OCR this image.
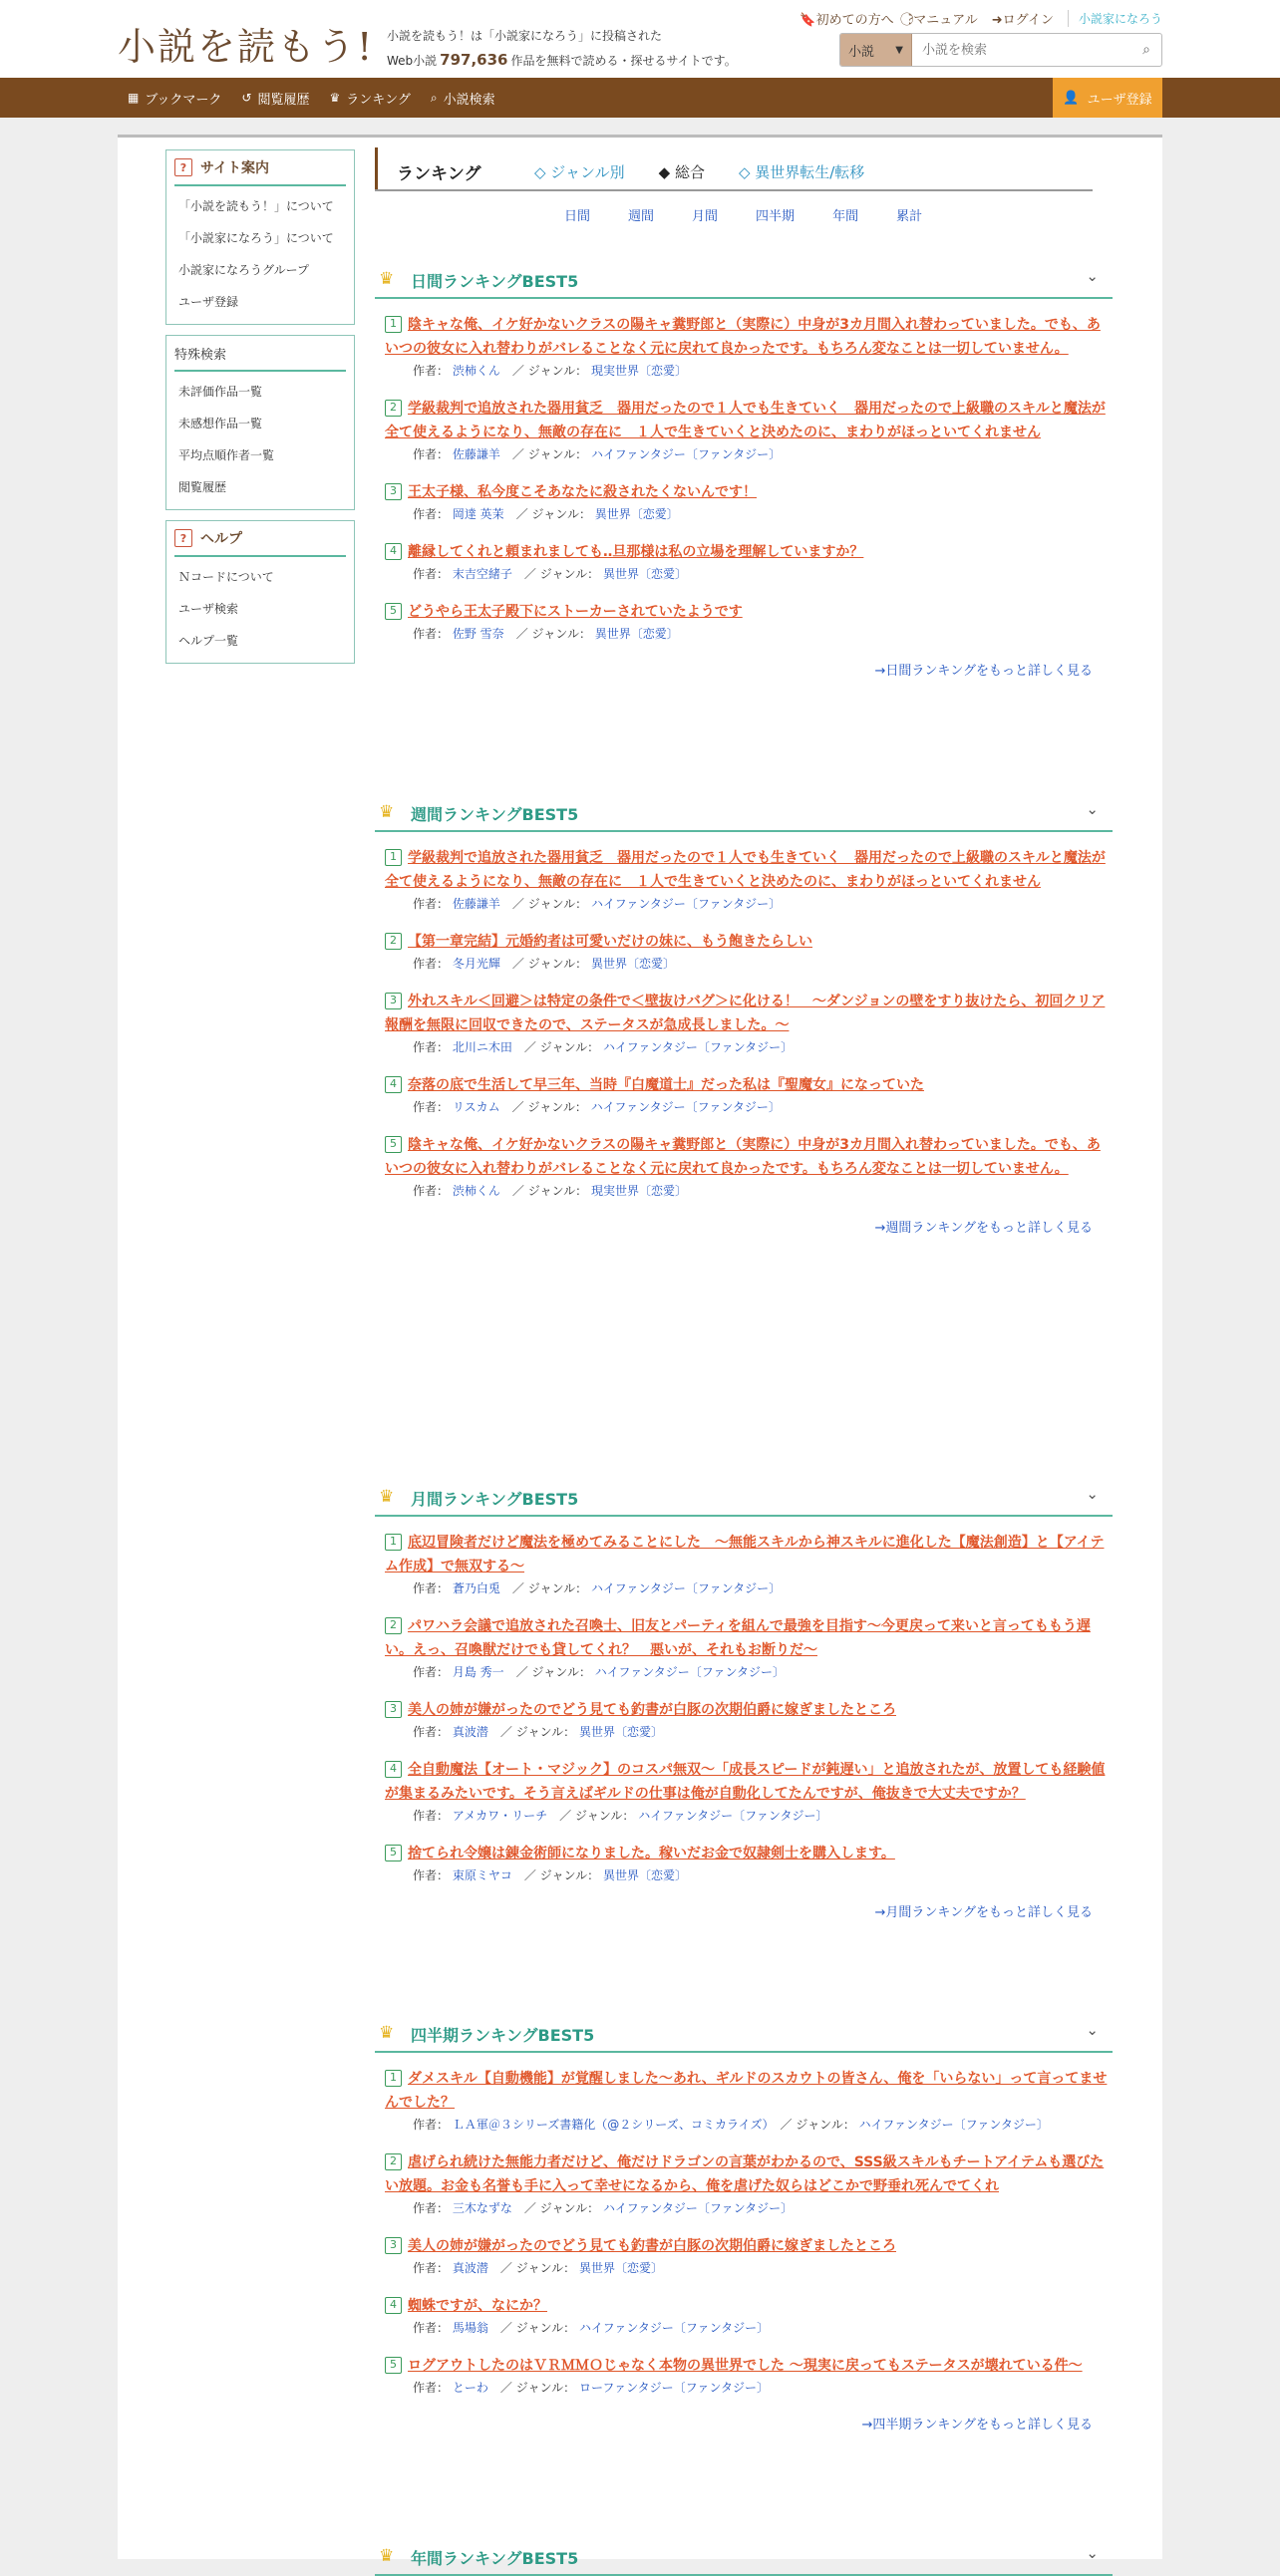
小説を読もう! 小説を読もう！は「小説家になろう」に投稿された
Web小説 797,636 作品を無料で読める・探せるサイトです。
🔖初めての方へ ?⃝マニュアル ➜ログイン	小説家になろう
小説 ▼
小説を検索	⌕
▦ ブックマーク ↺ 閲覧履歴 ♛ ランキング ⌕ 小説検索	👤 ユーザ登録
? サイト案内
「小説を読もう！」について
「小説家になろう」について
小説家になろうグループ
ユーザ登録
特殊検索
未評価作品一覧
未感想作品一覧
平均点順作者一覧
閲覧履歴
? ヘルプ
Ｎコードについて
ユーザ検索
ヘルプ一覧
ランキング	◇ ジャンル別 ◆ 総合 ◇ 異世界転生/転移
日間	週間	月間	四半期	年間	累計
♛ 日間ランキングBEST5	⌄
1 陰キャな俺、イケ好かないクラスの陽キャ糞野郎と（実際に）中身が3カ月間入れ替わっていました。でも、あいつの彼女に入れ替わりがバレることなく元に戻れて良かったです。もちろん変なことは一切していません。
作者： 渋柿くん　 ／ ジャンル： 現実世界〔恋愛〕
2 学級裁判で追放された器用貧乏　器用だったので１人でも生きていく　器用だったので上級職のスキルと魔法が全て使えるようになり、無敵の存在に　１人で生きていくと決めたのに、まわりがほっといてくれません
作者： 佐藤謙羊　 ／ ジャンル： ハイファンタジー〔ファンタジー〕
3 王太子様、私今度こそあなたに殺されたくないんです！
作者： 岡達 英茉　 ／ ジャンル： 異世界〔恋愛〕
4 離縁してくれと頼まれましても‥旦那様は私の立場を理解していますか？
作者： 末吉空緒子　 ／ ジャンル： 異世界〔恋愛〕
5 どうやら王太子殿下にストーカーされていたようです
作者： 佐野 雪奈　 ／ ジャンル： 異世界〔恋愛〕
→日間ランキングをもっと詳しく見る
♛ 週間ランキングBEST5	⌄
1 学級裁判で追放された器用貧乏　器用だったので１人でも生きていく　器用だったので上級職のスキルと魔法が全て使えるようになり、無敵の存在に　１人で生きていくと決めたのに、まわりがほっといてくれません
作者： 佐藤謙羊　 ／ ジャンル： ハイファンタジー〔ファンタジー〕
2 【第一章完結】元婚約者は可愛いだけの妹に、もう飽きたらしい
作者： 冬月光輝　 ／ ジャンル： 異世界〔恋愛〕
3 外れスキル＜回避＞は特定の条件で＜壁抜けバグ＞に化ける！　～ダンジョンの壁をすり抜けたら、初回クリア報酬を無限に回収できたので、ステータスが急成長しました。～
作者： 北川ニ木田　 ／ ジャンル： ハイファンタジー〔ファンタジー〕
4 奈落の底で生活して早三年、当時『白魔道士』だった私は『聖魔女』になっていた
作者： リスカム　 ／ ジャンル： ハイファンタジー〔ファンタジー〕
5 陰キャな俺、イケ好かないクラスの陽キャ糞野郎と（実際に）中身が3カ月間入れ替わっていました。でも、あいつの彼女に入れ替わりがバレることなく元に戻れて良かったです。もちろん変なことは一切していません。
作者： 渋柿くん　 ／ ジャンル： 現実世界〔恋愛〕
→週間ランキングをもっと詳しく見る
♛ 月間ランキングBEST5	⌄
1 底辺冒険者だけど魔法を極めてみることにした　～無能スキルから神スキルに進化した【魔法創造】と【アイテム作成】で無双する～
作者： 蒼乃白兎　 ／ ジャンル： ハイファンタジー〔ファンタジー〕
2 パワハラ会議で追放された召喚士、旧友とパーティを組んで最強を目指す～今更戻って来いと言ってももう遅い。えっ、召喚獣だけでも貸してくれ？　悪いが、それもお断りだ～
作者： 月島 秀一　 ／ ジャンル： ハイファンタジー〔ファンタジー〕
3 美人の姉が嫌がったのでどう見ても釣書が白豚の次期伯爵に嫁ぎましたところ
作者： 真波潜　 ／ ジャンル： 異世界〔恋愛〕
4 全自動魔法【オート・マジック】のコスパ無双～「成長スピードが鈍遅い」と追放されたが、放置しても経験値が集まるみたいです。そう言えばギルドの仕事は俺が自動化してたんですが、俺抜きで大丈夫ですか？
作者： アメカワ・リーチ　 ／ ジャンル： ハイファンタジー〔ファンタジー〕
5 捨てられ令嬢は錬金術師になりました。稼いだお金で奴隷剣士を購入します。
作者： 束原ミヤコ　 ／ ジャンル： 異世界〔恋愛〕
→月間ランキングをもっと詳しく見る
♛ 四半期ランキングBEST5	⌄
1 ダメスキル【自動機能】が覚醒しました～あれ、ギルドのスカウトの皆さん、俺を「いらない」って言ってませんでした？
作者： ＬＡ軍＠３シリーズ書籍化（@２シリーズ、コミカライズ）　 ／ ジャンル： ハイファンタジー〔ファンタジー〕
2 虐げられ続けた無能力者だけど、俺だけドラゴンの言葉がわかるので、SSS級スキルもチートアイテムも選びたい放題。お金も名誉も手に入って幸せになるから、俺を虐げた奴らはどこかで野垂れ死んでてくれ
作者： 三木なずな　 ／ ジャンル： ハイファンタジー〔ファンタジー〕
3 美人の姉が嫌がったのでどう見ても釣書が白豚の次期伯爵に嫁ぎましたところ
作者： 真波潜　 ／ ジャンル： 異世界〔恋愛〕
4 蜘蛛ですが、なにか？
作者： 馬場翁　 ／ ジャンル： ハイファンタジー〔ファンタジー〕
5 ログアウトしたのはＶＲＭＭＯじゃなく本物の異世界でした ～現実に戻ってもステータスが壊れている件～
作者： とーわ　 ／ ジャンル： ローファンタジー〔ファンタジー〕
→四半期ランキングをもっと詳しく見る
♛ 年間ランキングBEST5	⌄
